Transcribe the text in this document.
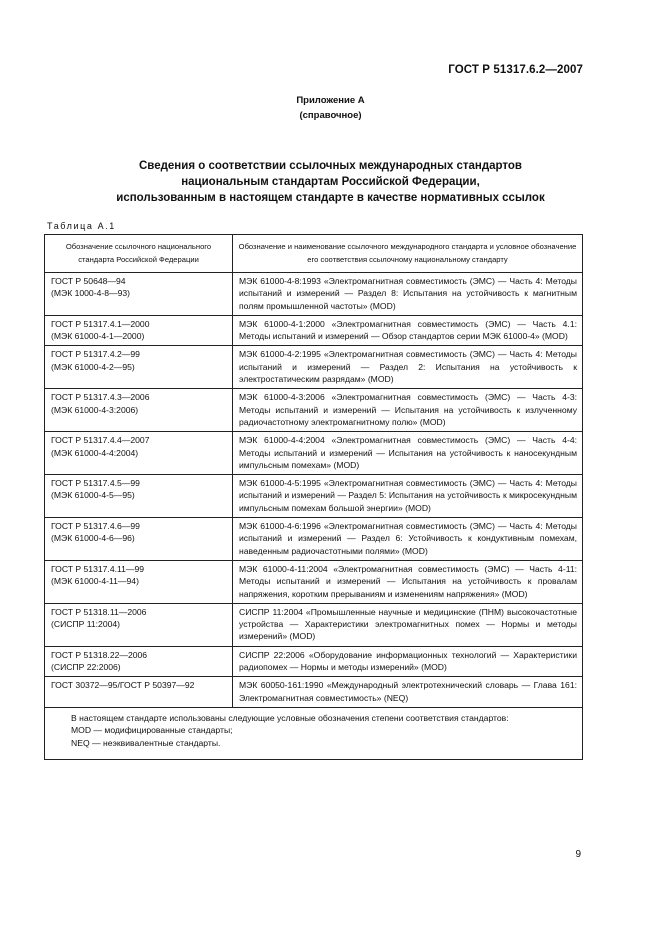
ГОСТ Р 51317.6.2—2007
Приложение А
(справочное)
Сведения о соответствии ссылочных международных стандартов
национальным стандартам Российской Федерации,
использованным в настоящем стандарте в качестве нормативных ссылок
Таблица А.1
Обозначение ссылочного национального стандарта Российской Федерации	Обозначение и наименование ссылочного международного стандарта и условное обозначение его соответствия ссылочному национальному стандарту
ГОСТ Р 50648—94
(МЭК 1000-4-8—93)	МЭК 61000-4-8:1993 «Электромагнитная совместимость (ЭМС) — Часть 4: Методы испытаний и измерений — Раздел 8: Испытания на устойчивость к магнитным полям промышленной частоты» (MOD)
ГОСТ Р 51317.4.1—2000
(МЭК 61000-4-1—2000)	МЭК 61000-4-1:2000 «Электромагнитная совместимость (ЭМС) — Часть 4.1: Методы испытаний и измерений — Обзор стандартов серии МЭК 61000-4» (MOD)
ГОСТ Р 51317.4.2—99
(МЭК 61000-4-2—95)	МЭК 61000-4-2:1995 «Электромагнитная совместимость (ЭМС) — Часть 4: Методы испытаний и измерений — Раздел 2: Испытания на устойчивость к электростатическим разрядам» (MOD)
ГОСТ Р 51317.4.3—2006
(МЭК 61000-4-3:2006)	МЭК 61000-4-3:2006 «Электромагнитная совместимость (ЭМС) — Часть 4-3: Методы испытаний и измерений — Испытания на устойчивость к излученному радиочастотному электромагнитному полю» (MOD)
ГОСТ Р 51317.4.4—2007
(МЭК 61000-4-4:2004)	МЭК 61000-4-4:2004 «Электромагнитная совместимость (ЭМС) — Часть 4-4: Методы испытаний и измерений — Испытания на устойчивость к наносекундным импульсным помехам» (MOD)
ГОСТ Р 51317.4.5—99
(МЭК 61000-4-5—95)	МЭК 61000-4-5:1995 «Электромагнитная совместимость (ЭМС) — Часть 4: Методы испытаний и измерений — Раздел 5: Испытания на устойчивость к микросекундным импульсным помехам большой энергии» (MOD)
ГОСТ Р 51317.4.6—99
(МЭК 61000-4-6—96)	МЭК 61000-4-6:1996 «Электромагнитная совместимость (ЭМС) — Часть 4: Методы испытаний и измерений — Раздел 6: Устойчивость к кондуктивным помехам, наведенным радиочастотными полями» (MOD)
ГОСТ Р 51317.4.11—99
(МЭК 61000-4-11—94)	МЭК 61000-4-11:2004 «Электромагнитная совместимость (ЭМС) — Часть 4-11: Методы испытаний и измерений — Испытания на устойчивость к провалам напряжения, коротким прерываниям и изменениям напряжения» (MOD)
ГОСТ Р 51318.11—2006
(СИСПР 11:2004)	СИСПР 11:2004 «Промышленные научные и медицинские (ПНМ) высокочастотные устройства — Характеристики электромагнитных помех — Нормы и методы измерений» (MOD)
ГОСТ Р 51318.22—2006
(СИСПР 22:2006)	СИСПР 22:2006 «Оборудование информационных технологий — Характеристики радиопомех — Нормы и методы измерений» (MOD)
ГОСТ 30372—95/ГОСТ Р 50397—92	МЭК 60050-161:1990 «Международный электротехнический словарь — Глава 161: Электромагнитная совместимость» (NEQ)
В настоящем стандарте использованы следующие условные обозначения степени соответствия стандартов:
MOD — модифицированные стандарты;
NEQ — неэквивалентные стандарты.	
9
